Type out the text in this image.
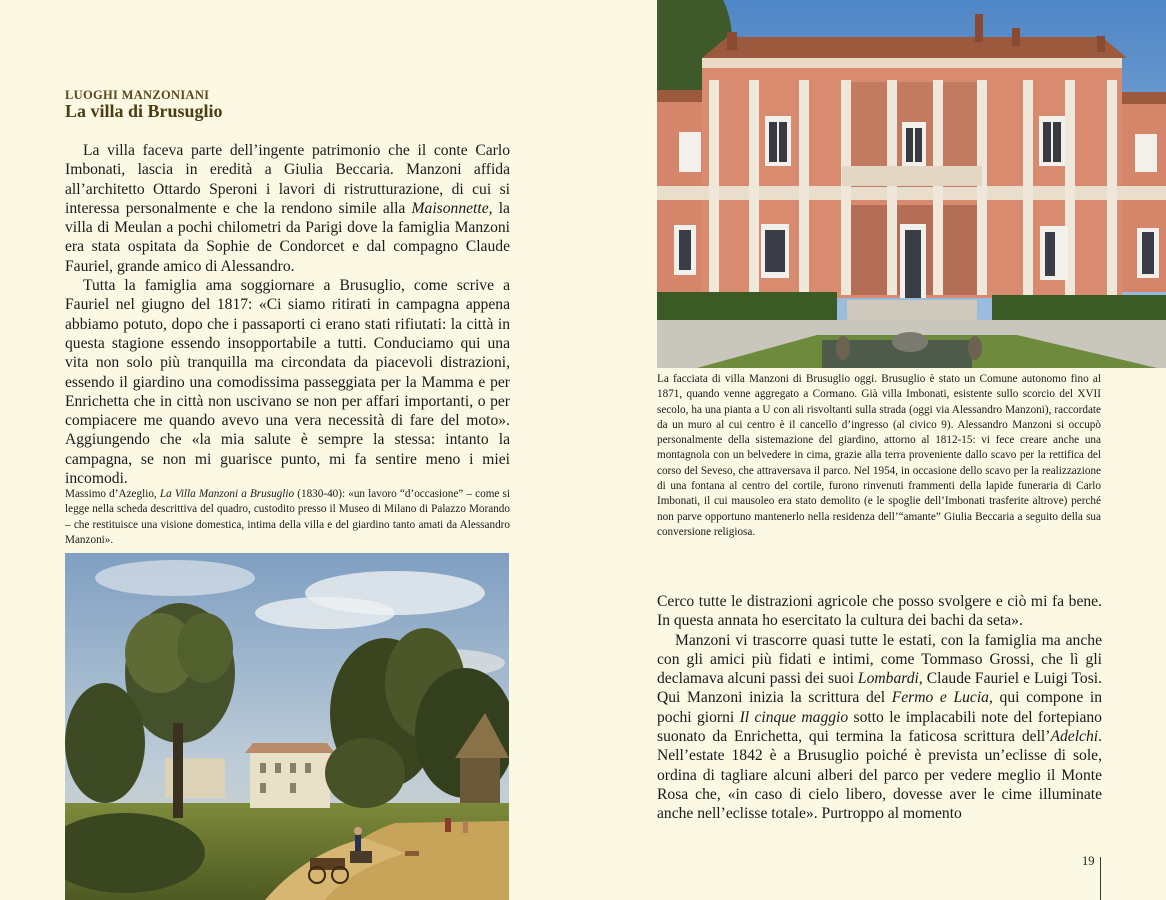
LUOGHI MANZONIANI
La villa di Brusuglio

La villa faceva parte dell’ingente patrimonio che il conte Carlo Imbonati, lascia in eredità a Giulia Beccaria. Manzoni affida all’architetto Ottardo Speroni i lavori di ristrutturazione, di cui si interessa personalmente e che la rendono simile alla Maisonnette, la villa di Meulan a pochi chilometri da Parigi dove la famiglia Manzoni era stata ospitata da Sophie de Condorcet e dal compagno Claude Fauriel, grande amico di Alessandro.

Tutta la famiglia ama soggiornare a Brusuglio, come scrive a Fauriel nel giugno del 1817: «Ci siamo ritirati in campagna appena abbiamo potuto, dopo che i passaporti ci erano stati rifiutati: la città in questa stagione essendo insopportabile a tutti. Conduciamo qui una vita non solo più tranquilla ma circondata da piacevoli distrazioni, essendo il giardino una comodissima passeggiata per la Mamma e per Enrichetta che in città non uscivano se non per affari importanti, o per compiacere me quando avevo una vera necessità di fare del moto». Aggiungendo che «la mia salute è sempre la stessa: intanto la campagna, se non mi guarisce punto, mi fa sentire meno i miei incomodi.

Massimo d’Azeglio, La Villa Manzoni a Brusuglio (1830-40): «un lavoro “d’occasione” – come si legge nella scheda descrittiva del quadro, custodito presso il Museo di Milano di Palazzo Morando – che restituisce una visione domestica, intima della villa e del giardino tanto amati da Alessandro Manzoni».
La facciata di villa Manzoni di Brusuglio oggi. Brusuglio è stato un Comune autonomo fino al 1871, quando venne aggregato a Cormano. Già villa Imbonati, esistente sullo scorcio del XVII secolo, ha una pianta a U con ali risvoltanti sulla strada (oggi via Alessandro Manzoni), raccordate da un muro al cui centro è il cancello d’ingresso (al civico 9). Alessandro Manzoni si occupò personalmente della sistemazione del giardino, attorno al 1812-15: vi fece creare anche una montagnola con un belvedere in cima, grazie alla terra proveniente dallo scavo per la rettifica del corso del Seveso, che attraversava il parco. Nel 1954, in occasione dello scavo per la realizzazione di una fontana al centro del cortile, furono rinvenuti frammenti della lapide funeraria di Carlo Imbonati, il cui mausoleo era stato demolito (e le spoglie dell’Imbonati trasferite altrove) perché non parve opportuno mantenerlo nella residenza dell’“amante” Giulia Beccaria a seguito della sua conversione religiosa.

Cerco tutte le distrazioni agricole che posso svolgere e ciò mi fa bene. In questa annata ho esercitato la cultura dei bachi da seta».

Manzoni vi trascorre quasi tutte le estati, con la famiglia ma anche con gli amici più fidati e intimi, come Tommaso Grossi, che lì gli declamava alcuni passi dei suoi Lombardi, Claude Fauriel e Luigi Tosi. Qui Manzoni inizia la scrittura del Fermo e Lucia, qui compone in pochi giorni Il cinque maggio sotto le implacabili note del fortepiano suonato da Enrichetta, qui termina la faticosa scrittura dell’Adelchi. Nell’estate 1842 è a Brusuglio poiché è prevista un’eclisse di sole, ordina di tagliare alcuni alberi del parco per vedere meglio il Monte Rosa che, «in caso di cielo libero, dovesse aver le cime illuminate anche nell’eclisse totale». Purtroppo al momento

19
